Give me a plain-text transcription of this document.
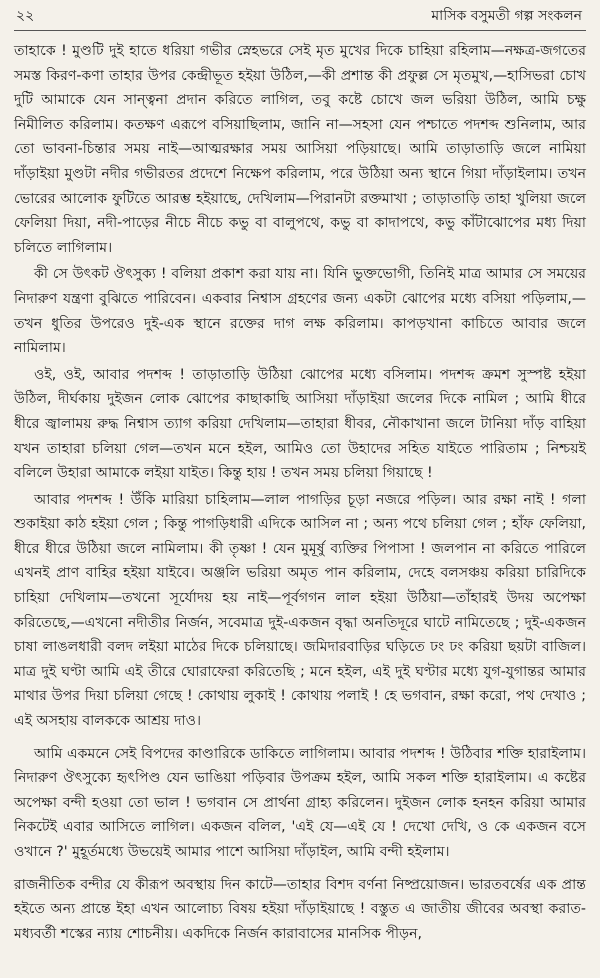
২২	মাসিক বসুমতী গল্প সংকলন

তাহাকে ! মুণ্ডটি দুই হাতে ধরিয়া গভীর স্নেহভরে সেই মৃত মুখের দিকে চাহিয়া রহিলাম—নক্ষত্র-জগতের সমস্ত কিরণ-কণা তাহার উপর কেন্দ্রীভূত হইয়া উঠিল,—কী প্রশান্ত কী প্রফুল্ল সে মৃতমুখ,—হাসিভরা চোখ দুটি আমাকে যেন সান্ত্বনা প্রদান করিতে লাগিল, তবু কষ্টে চোখে জল ভরিয়া উঠিল, আমি চক্ষু নিমীলিত করিলাম। কতক্ষণ এরূপে বসিয়াছিলাম, জানি না—সহসা যেন পশ্চাতে পদশব্দ শুনিলাম, আর তো ভাবনা-চিন্তার সময় নাই—আত্মরক্ষার সময় আসিয়া পড়িয়াছে। আমি তাড়াতাড়ি জলে নামিয়া দাঁড়াইয়া মুণ্ডটা নদীর গভীরতর প্রদেশে নিক্ষেপ করিলাম, পরে উঠিয়া অন্য স্থানে গিয়া দাঁড়াইলাম। তখন ভোরের আলোক ফুটিতে আরম্ভ হইয়াছে, দেখিলাম—পিরানটা রক্তমাখা ; তাড়াতাড়ি তাহা খুলিয়া জলে ফেলিয়া দিয়া, নদী-পাড়ের নীচে নীচে কভু বা বালুপথে, কভু বা কাদাপথে, কভু কাঁটাঝোপের মধ্য দিয়া চলিতে লাগিলাম।

কী সে উৎকট ঔৎসুক্য ! বলিয়া প্রকাশ করা যায় না। যিনি ভুক্তভোগী, তিনিই মাত্র আমার সে সময়ের নিদারুণ যন্ত্রণা বুঝিতে পারিবেন। একবার নিশ্বাস গ্রহণের জন্য একটা ঝোপের মধ্যে বসিয়া পড়িলাম,—তখন ধুতির উপরেও দুই-এক স্থানে রক্তের দাগ লক্ষ করিলাম। কাপড়খানা কাচিতে আবার জলে নামিলাম।

ওই, ওই, আবার পদশব্দ ! তাড়াতাড়ি উঠিয়া ঝোপের মধ্যে বসিলাম। পদশব্দ ক্রমশ সুস্পষ্ট হইয়া উঠিল, দীর্ঘকায় দুইজন লোক ঝোপের কাছাকাছি আসিয়া দাঁড়াইয়া জলের দিকে নামিল ; আমি ধীরে ধীরে জ্বালাময় রুদ্ধ নিশ্বাস ত্যাগ করিয়া দেখিলাম—তাহারা ধীবর, নৌকাখানা জলে টানিয়া দাঁড় বাহিয়া যখন তাহারা চলিয়া গেল—তখন মনে হইল, আমিও তো উহাদের সহিত যাইতে পারিতাম ; নিশ্চয়ই বলিলে উহারা আমাকে লইয়া যাইত। কিন্তু হায় ! তখন সময় চলিয়া গিয়াছে !

আবার পদশব্দ ! উঁকি মারিয়া চাহিলাম—লাল পাগড়ির চূড়া নজরে পড়িল। আর রক্ষা নাই ! গলা শুকাইয়া কাঠ হইয়া গেল ; কিন্তু পাগড়িধারী এদিকে আসিল না ; অন্য পথে চলিয়া গেল ; হাঁফ ফেলিয়া, ধীরে ধীরে উঠিয়া জলে নামিলাম। কী তৃষ্ণা ! যেন মুমূর্ষু ব্যক্তির পিপাসা ! জলপান না করিতে পারিলে এখনই প্রাণ বাহির হইয়া যাইবে। অঞ্জলি ভরিয়া অমৃত পান করিলাম, দেহে বলসঞ্চয় করিয়া চারিদিকে চাহিয়া দেখিলাম—তখনো সূর্যোদয় হয় নাই—পূর্বগগন লাল হইয়া উঠিয়া—তাঁহারই উদয় অপেক্ষা করিতেছে,—এখনো নদীতীর নির্জন, সবেমাত্র দুই-একজন বৃদ্ধা অনতিদূরে ঘাটে নামিতেছে ; দুই-একজন চাষা লাঙলধারী বলদ লইয়া মাঠের দিকে চলিয়াছে। জমিদারবাড়ির ঘড়িতে ঢং ঢং করিয়া ছয়টা বাজিল। মাত্র দুই ঘণ্টা আমি এই তীরে ঘোরাফেরা করিতেছি ; মনে হইল, এই দুই ঘণ্টার মধ্যে যুগ-যুগান্তর আমার মাথার উপর দিয়া চলিয়া গেছে ! কোথায় লুকাই ! কোথায় পলাই ! হে ভগবান, রক্ষা করো, পথ দেখাও ; এই অসহায় বালককে আশ্রয় দাও।

আমি একমনে সেই বিপদের কাণ্ডারিকে ডাকিতে লাগিলাম। আবার পদশব্দ ! উঠিবার শক্তি হারাইলাম। নিদারুণ ঔৎসুক্যে হৃৎপিণ্ড যেন ভাঙিয়া পড়িবার উপক্রম হইল, আমি সকল শক্তি হারাইলাম। এ কষ্টের অপেক্ষা বন্দী হওয়া তো ভাল ! ভগবান সে প্রার্থনা গ্রাহ্য করিলেন। দুইজন লোক হনহন করিয়া আমার নিকটেই এবার আসিতে লাগিল। একজন বলিল, 'এই যে—এই যে ! দেখো দেখি, ও কে একজন বসে ওখানে ?' মুহূর্তমধ্যে উভয়েই আমার পাশে আসিয়া দাঁড়াইল, আমি বন্দী হইলাম।

রাজনীতিক বন্দীর যে কীরূপ অবস্থায় দিন কাটে—তাহার বিশদ বর্ণনা নিষ্প্রয়োজন। ভারতবর্ষের এক প্রান্ত হইতে অন্য প্রান্তে ইহা এখন আলোচ্য বিষয় হইয়া দাঁড়াইয়াছে ! বস্তুত এ জাতীয় জীবের অবস্থা করাত-মধ্যবর্তী শস্কের ন্যায় শোচনীয়। একদিকে নির্জন কারাবাসের মানসিক পীড়ন,
